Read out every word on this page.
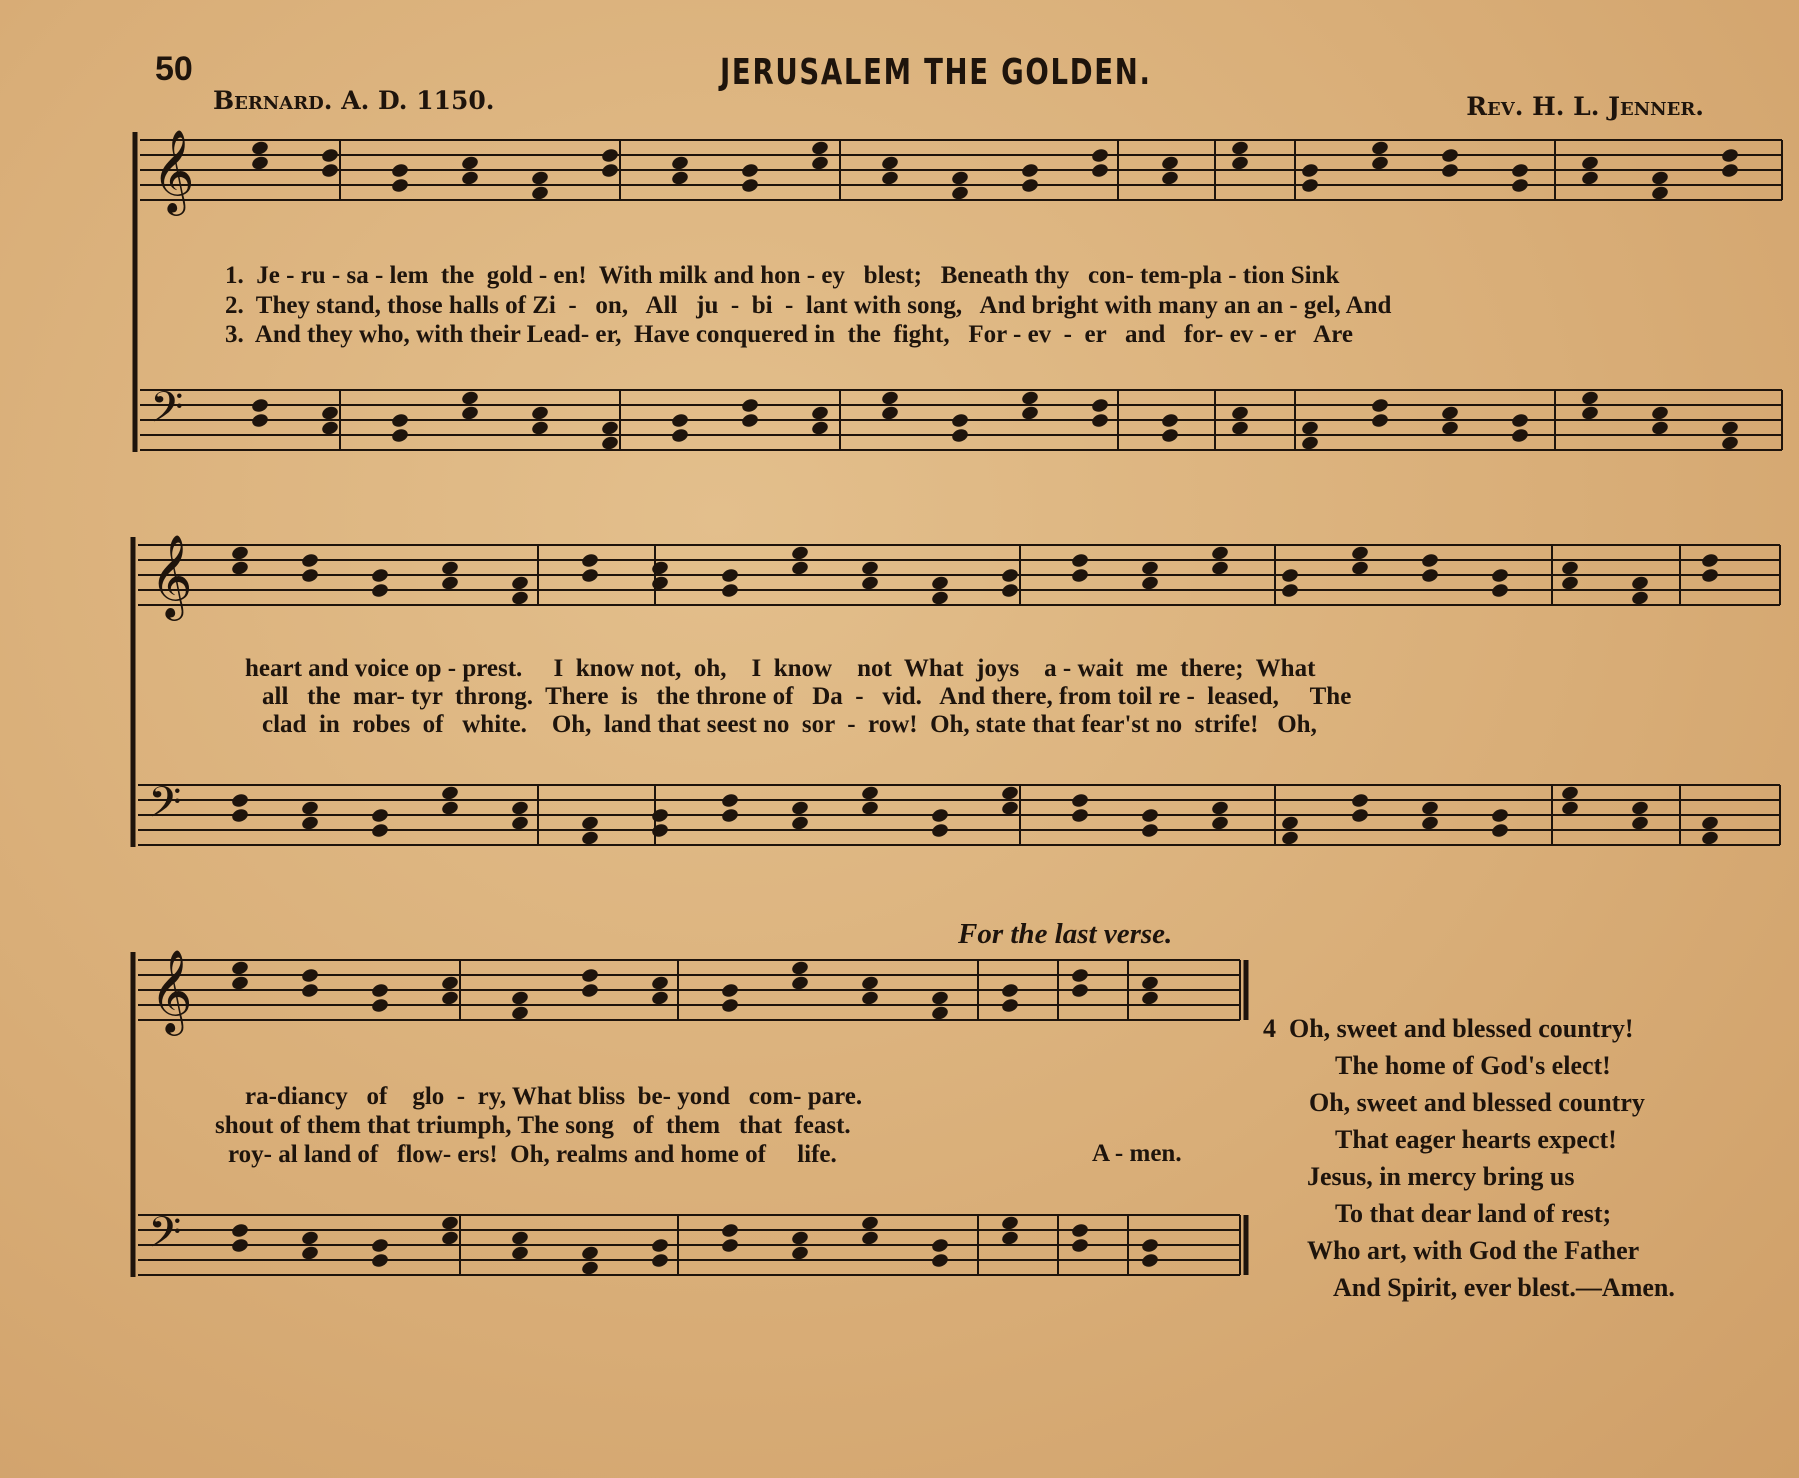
50	JERUSALEM THE GOLDEN.
Bernard. A. D. 1150.	Rev. H. L. Jenner.
𝄞
𝄢
𝄞
𝄢
𝄞
𝄢
1.  Je - ru - sa - lem  the  gold - en!  With milk and hon - ey   blest;   Beneath thy   con- tem-pla - tion Sink
2.  They stand, those halls of Zi  -   on,   All   ju  -  bi  -  lant with song,   And bright with many an an - gel, And
3.  And they who, with their Lead- er,  Have conquered in  the  fight,   For - ev  -  er   and   for- ev - er   Are
heart and voice op - prest.     I  know not,  oh,    I  know    not  What  joys    a - wait  me  there;  What
all   the  mar- tyr  throng.  There  is   the throne of   Da  -   vid.   And there, from toil re -  leased,     The
clad  in  robes  of   white.    Oh,  land that seest no  sor  -  row!  Oh, state that fear'st no  strife!   Oh,
For the last verse.
ra-diancy   of    glo  -  ry, What bliss  be- yond   com- pare.
shout of them that triumph, The song   of  them   that  feast.
roy- al land of   flow- ers!  Oh, realms and home of     life.	A - men.
4  Oh, sweet and blessed country!
The home of God's elect!
Oh, sweet and blessed country
That eager hearts expect!
Jesus, in mercy bring us
To that dear land of rest;
Who art, with God the Father
And Spirit, ever blest.—Amen.
